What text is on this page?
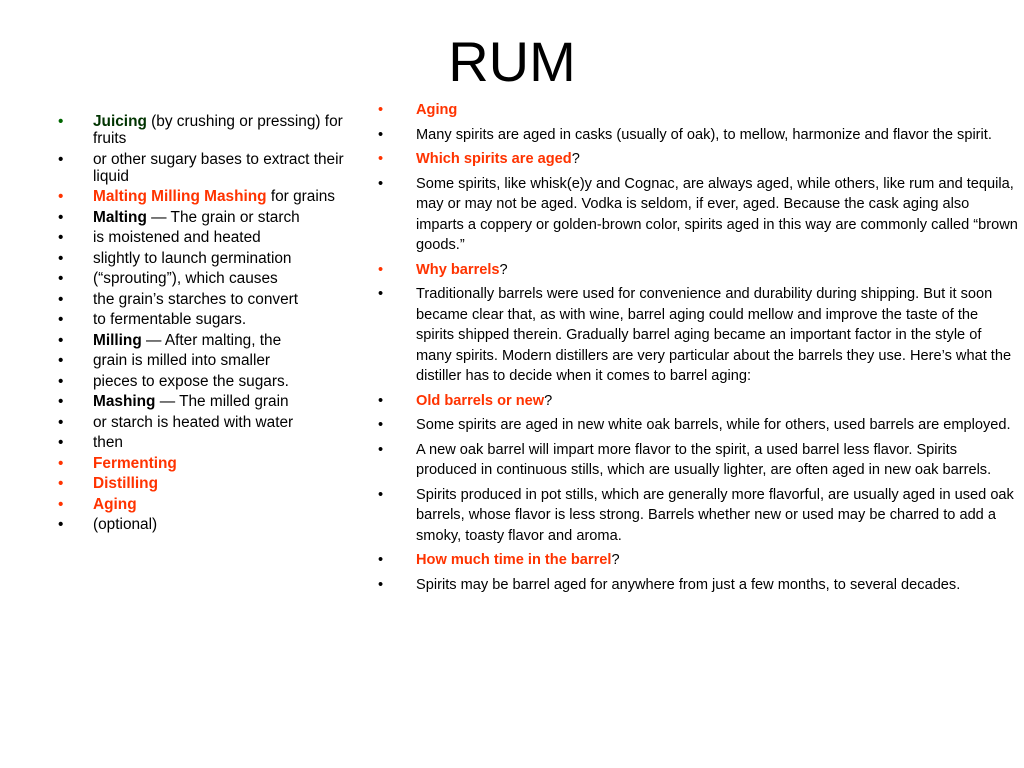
RUM
• Juicing (by crushing or pressing) for fruits
• or other sugary bases to extract their liquid
• Malting Milling Mashing for grains
• Malting — The grain or starch
• is moistened and heated
• slightly to launch germination
• (“sprouting”), which causes
• the grain’s starches to convert
• to fermentable sugars.
• Milling — After malting, the
• grain is milled into smaller
• pieces to expose the sugars.
• Mashing — The milled grain
• or starch is heated with water
• then
• Fermenting
• Distilling
• Aging
• (optional)
• Aging
• Many spirits are aged in casks (usually of oak), to mellow, harmonize and flavor the spirit.
• Which spirits are aged?
• Some spirits, like whisk(e)y and Cognac, are always aged, while others, like rum and tequila, may or may not be aged. Vodka is seldom, if ever, aged. Because the cask aging also imparts a coppery or golden-brown color, spirits aged in this way are commonly called “brown goods.”
• Why barrels?
• Traditionally barrels were used for convenience and durability during shipping. But it soon became clear that, as with wine, barrel aging could mellow and improve the taste of the spirits shipped therein. Gradually barrel aging became an important factor in the style of many spirits. Modern distillers are very particular about the barrels they use. Here’s what the distiller has to decide when it comes to barrel aging:
• Old barrels or new?
• Some spirits are aged in new white oak barrels, while for others, used barrels are employed.
• A new oak barrel will impart more flavor to the spirit, a used barrel less flavor. Spirits produced in continuous stills, which are usually lighter, are often aged in new oak barrels.
• Spirits produced in pot stills, which are generally more flavorful, are usually aged in used oak barrels, whose flavor is less strong. Barrels whether new or used may be charred to add a smoky, toasty flavor and aroma.
• How much time in the barrel?
• Spirits may be barrel aged for anywhere from just a few months, to several decades.
